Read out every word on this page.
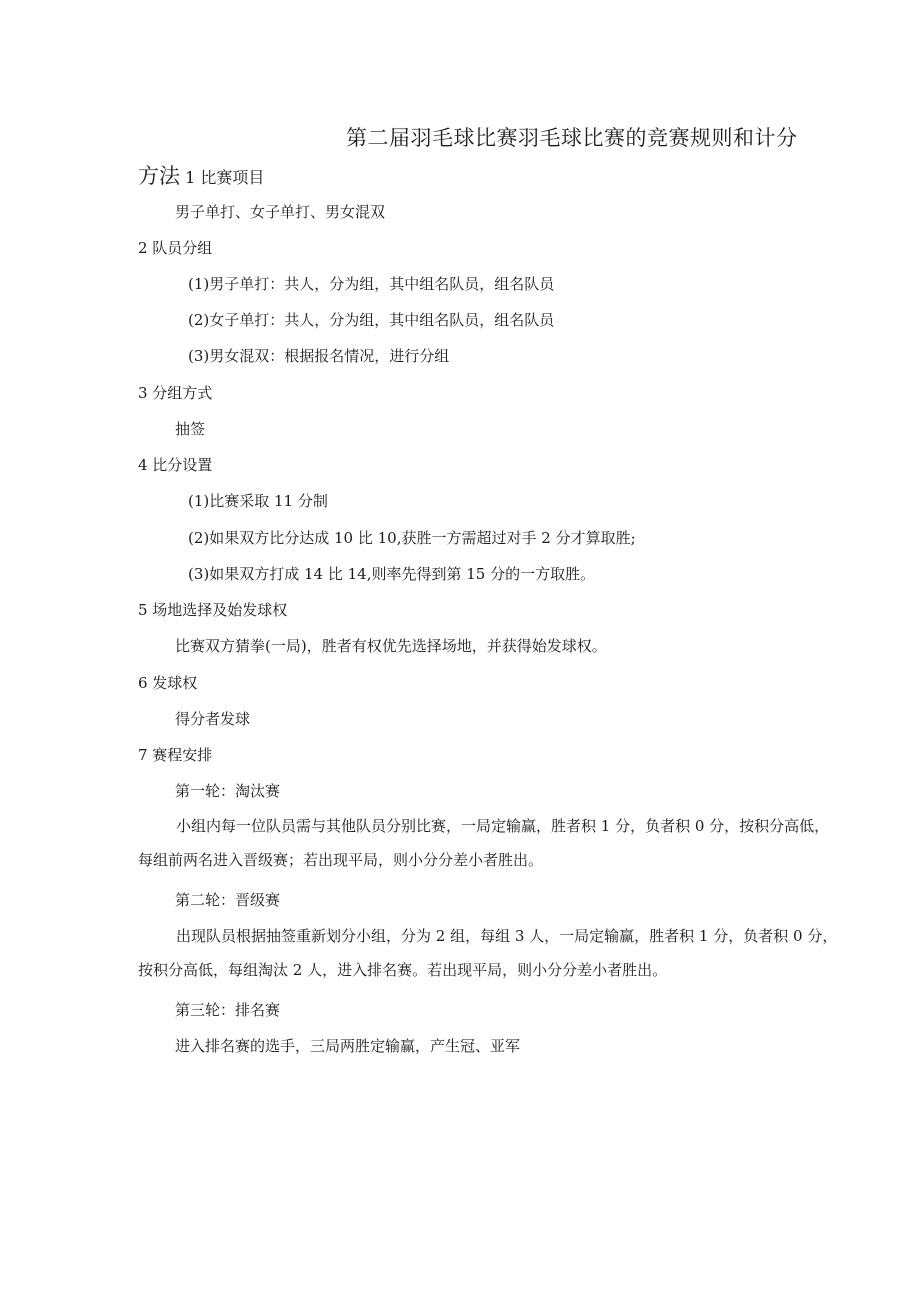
第二届羽毛球比赛羽毛球比赛的竞赛规则和计分
方法 1 比赛项目
男子单打、女子单打、男女混双
2 队员分组
(1)男子单打：共人，分为组，其中组名队员，组名队员
(2)女子单打：共人，分为组，其中组名队员，组名队员
(3)男女混双：根据报名情况，进行分组
3 分组方式
抽签
4 比分设置
(1)比赛采取 11 分制
(2)如果双方比分达成 10 比 10,获胜一方需超过对手 2 分才算取胜;
(3)如果双方打成 14 比 14,则率先得到第 15 分的一方取胜。
5 场地选择及始发球权
比赛双方猜拳(一局)，胜者有权优先选择场地，并获得始发球权。
6 发球权
得分者发球
7 赛程安排
第一轮：淘汰赛
小组内每一位队员需与其他队员分别比赛，一局定输赢，胜者积 1 分，负者积 0 分，按积分高低，每组前两名进入晋级赛；若出现平局，则小分分差小者胜出。
第二轮：晋级赛
出现队员根据抽签重新划分小组，分为 2 组，每组 3 人，一局定输赢，胜者积 1 分，负者积 0 分，按积分高低，每组淘汰 2 人，进入排名赛。若出现平局，则小分分差小者胜出。
第三轮：排名赛
进入排名赛的选手，三局两胜定输赢，产生冠、亚军
